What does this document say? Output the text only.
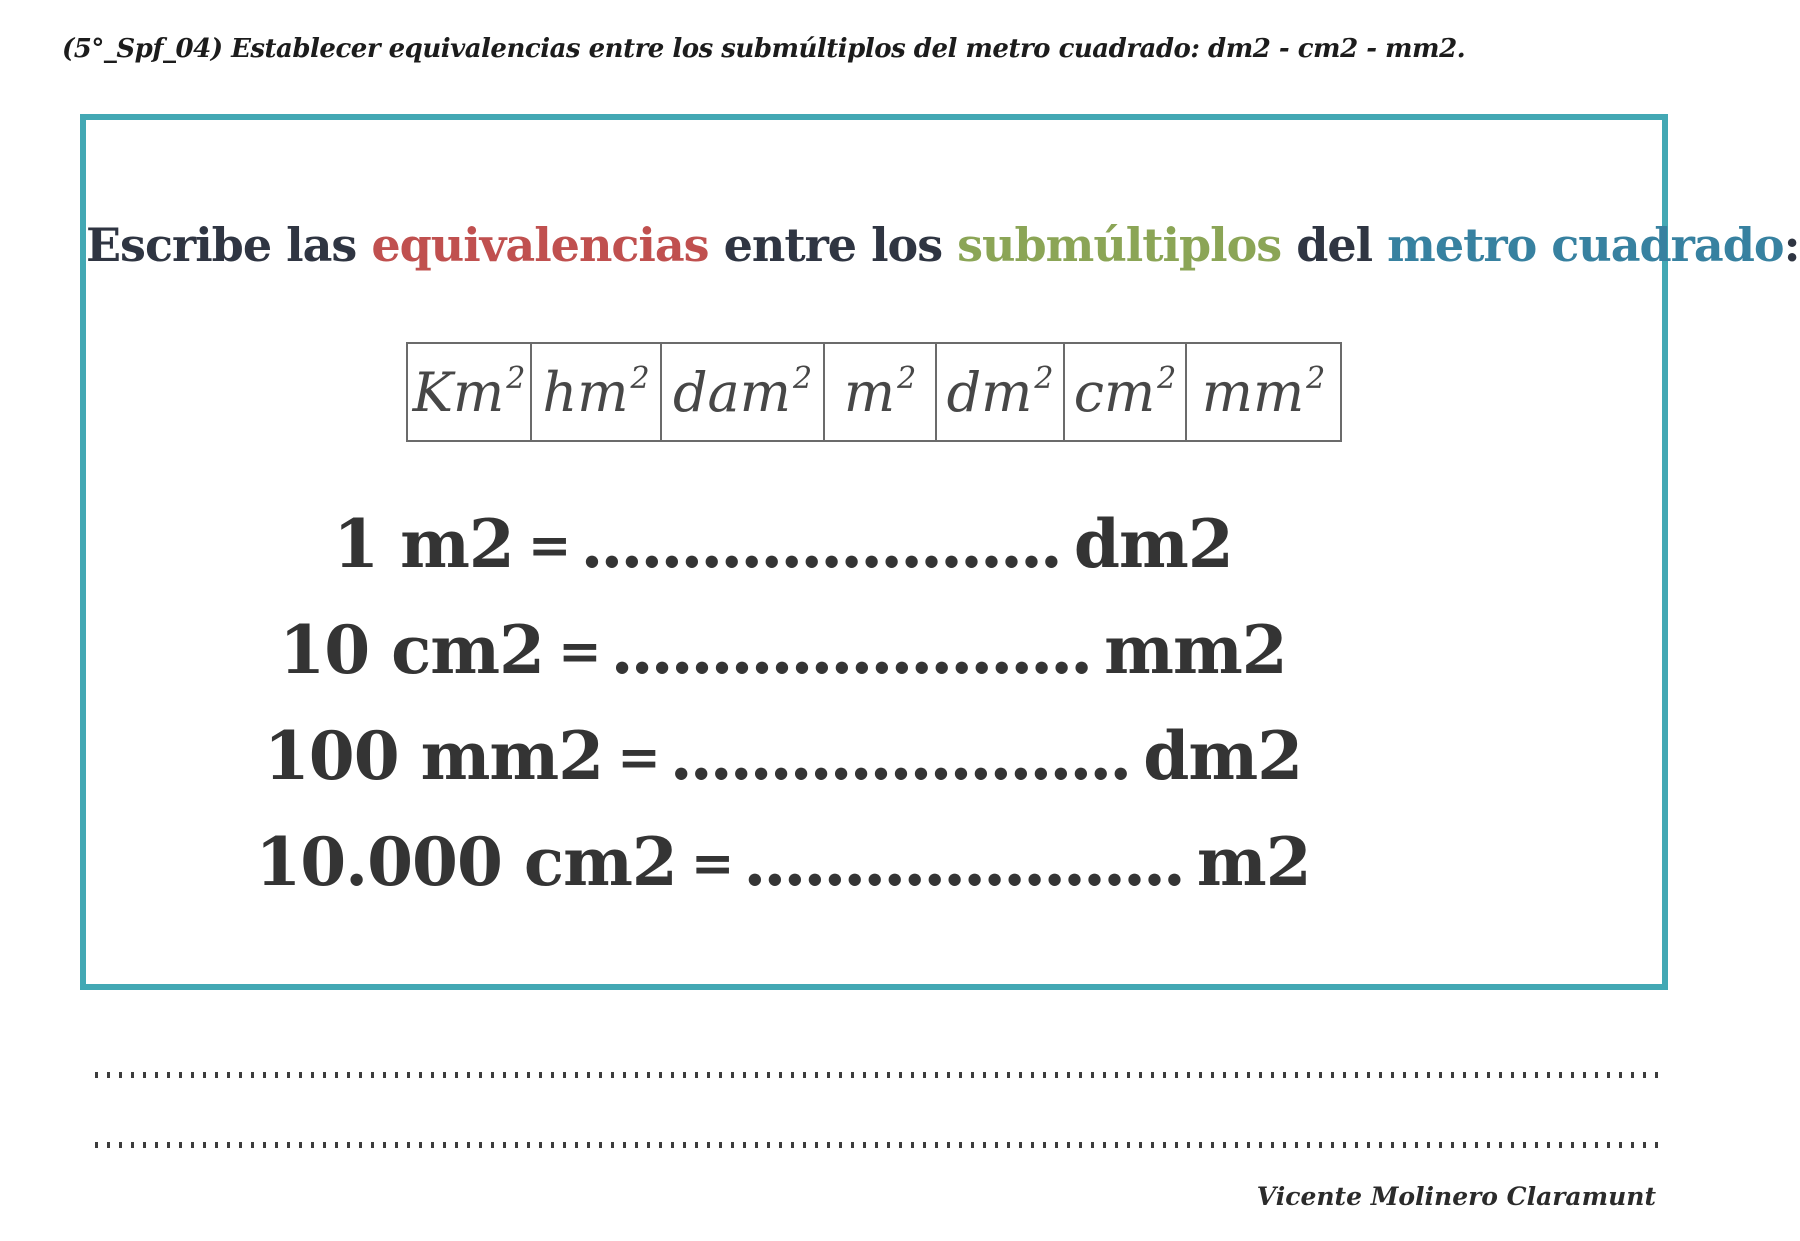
(5°_Spf_04) Establecer equivalencias entre los submúltiplos del metro cuadrado: dm2 - cm2 - mm2.
Escribe las equivalencias entre los submúltiplos del metro cuadrado:
Km$^2$ $hm^2$ dam$^2$ $m^2$ $dm^2$ $cm^2$ $mm^2$
1 m2 = ........................ dm2
10 cm2 = ........................ mm2
100 mm2 = ....................... dm2
10.000 cm2 = ...................... m2
Vicente Molinero Claramunt
